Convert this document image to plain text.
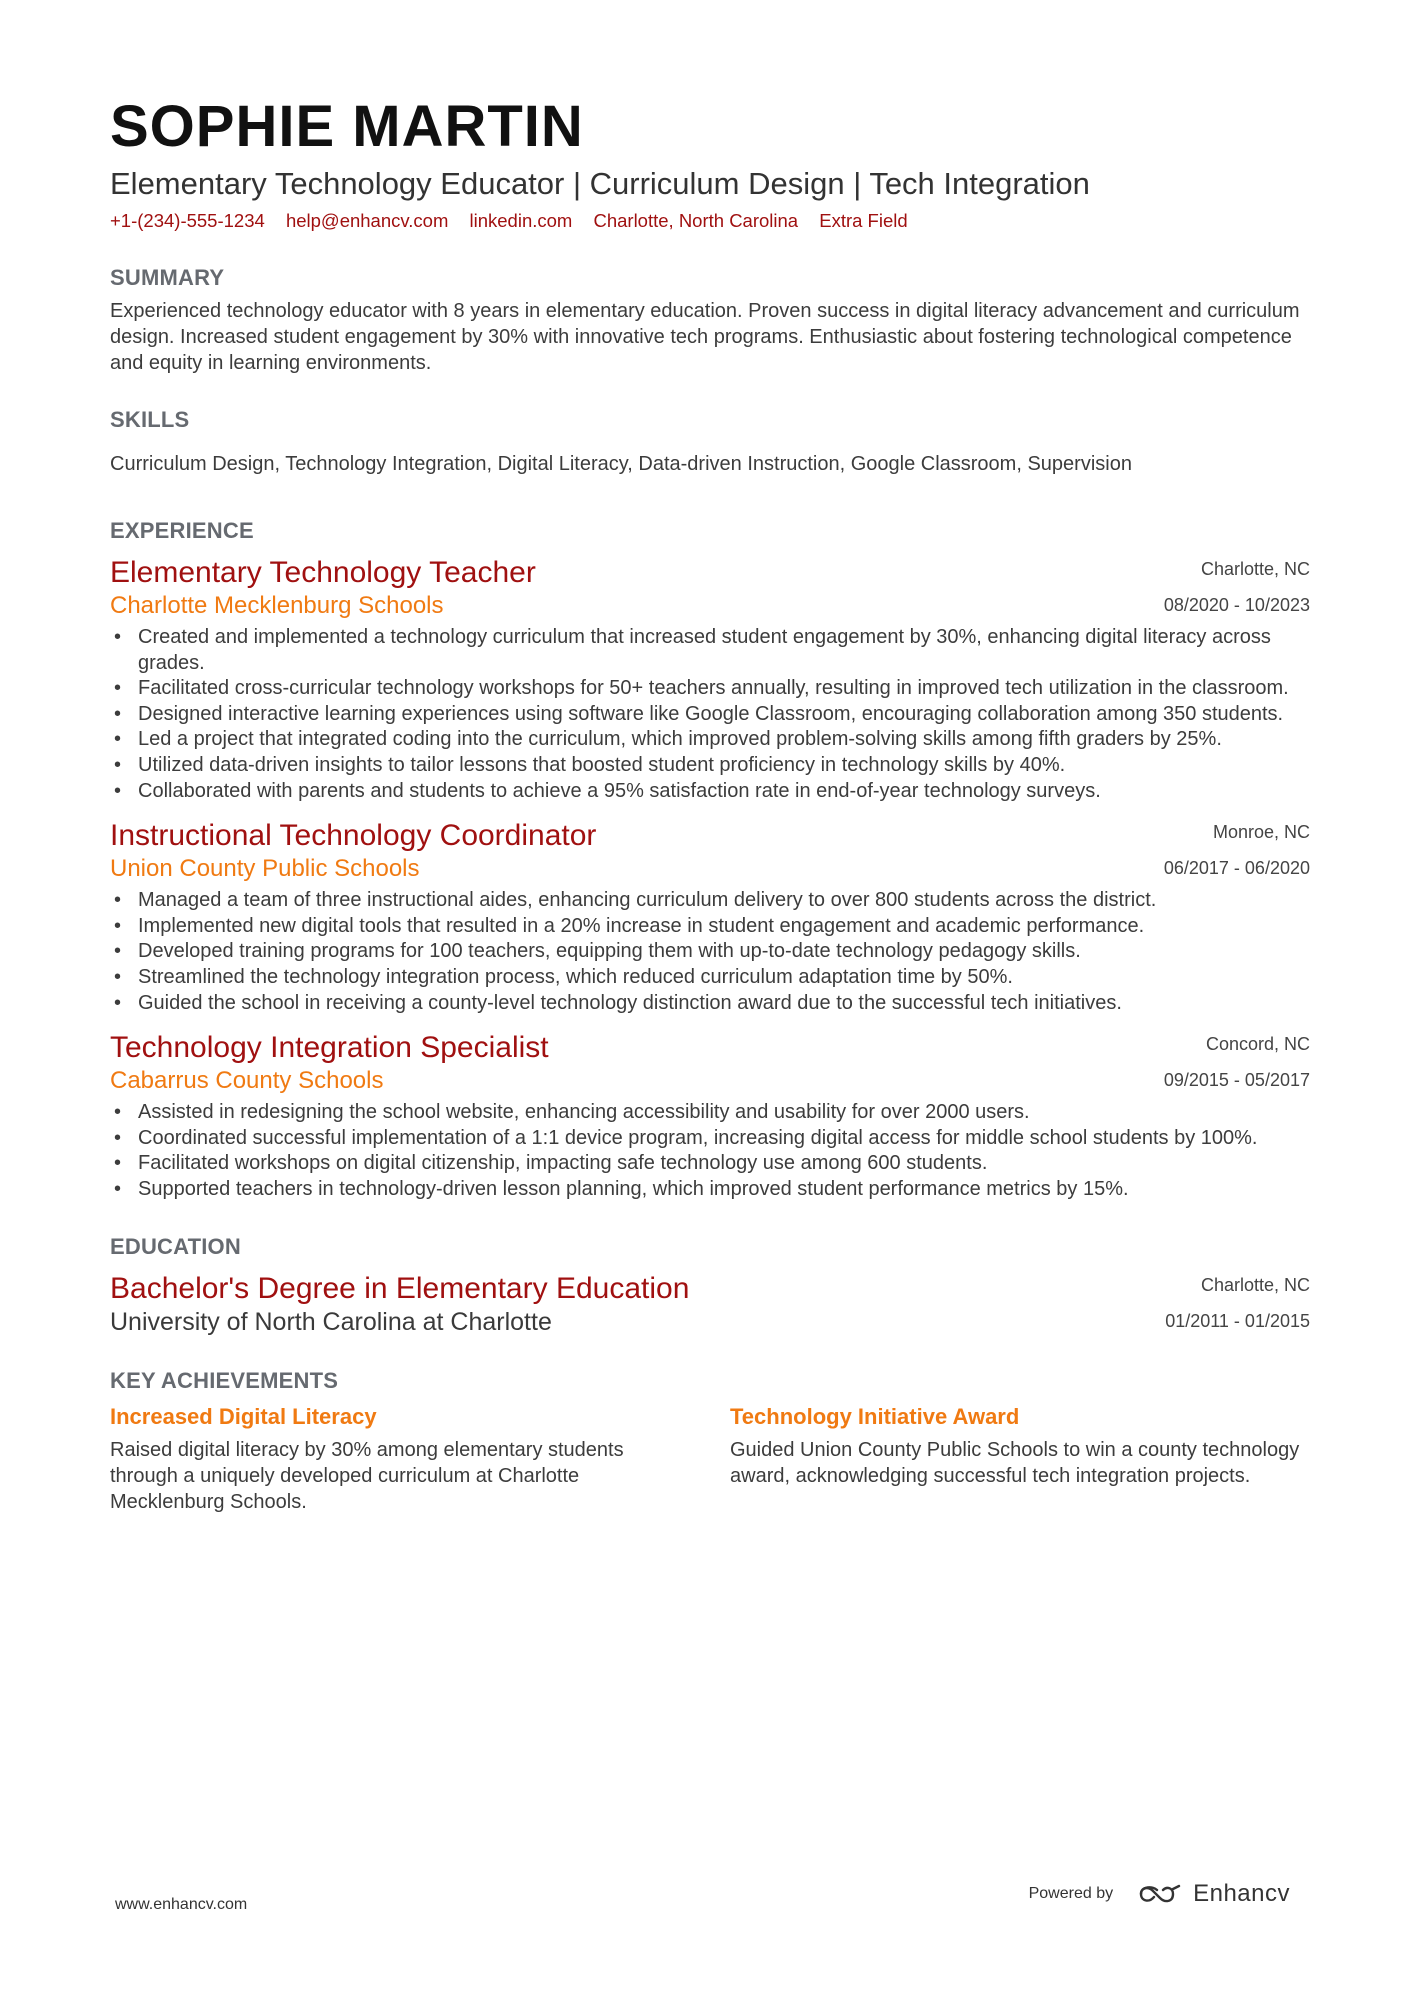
SOPHIE MARTIN
Elementary Technology Educator | Curriculum Design | Tech Integration
+1-(234)-555-1234 help@enhancv.com linkedin.com Charlotte, North Carolina Extra Field
SUMMARY
Experienced technology educator with 8 years in elementary education. Proven success in digital literacy advancement and curriculum design. Increased student engagement by 30% with innovative tech programs. Enthusiastic about fostering technological competence and equity in learning environments.
SKILLS
Curriculum Design, Technology Integration, Digital Literacy, Data-driven Instruction, Google Classroom, Supervision
EXPERIENCE
Elementary Technology Teacher
Charlotte Mecklenburg Schools
Charlotte, NC
08/2020 - 10/2023
• Created and implemented a technology curriculum that increased student engagement by 30%, enhancing digital literacy across grades.
• Facilitated cross-curricular technology workshops for 50+ teachers annually, resulting in improved tech utilization in the classroom.
• Designed interactive learning experiences using software like Google Classroom, encouraging collaboration among 350 students.
• Led a project that integrated coding into the curriculum, which improved problem-solving skills among fifth graders by 25%.
• Utilized data-driven insights to tailor lessons that boosted student proficiency in technology skills by 40%.
• Collaborated with parents and students to achieve a 95% satisfaction rate in end-of-year technology surveys.
Instructional Technology Coordinator
Union County Public Schools
Monroe, NC
06/2017 - 06/2020
• Managed a team of three instructional aides, enhancing curriculum delivery to over 800 students across the district.
• Implemented new digital tools that resulted in a 20% increase in student engagement and academic performance.
• Developed training programs for 100 teachers, equipping them with up-to-date technology pedagogy skills.
• Streamlined the technology integration process, which reduced curriculum adaptation time by 50%.
• Guided the school in receiving a county-level technology distinction award due to the successful tech initiatives.
Technology Integration Specialist
Cabarrus County Schools
Concord, NC
09/2015 - 05/2017
• Assisted in redesigning the school website, enhancing accessibility and usability for over 2000 users.
• Coordinated successful implementation of a 1:1 device program, increasing digital access for middle school students by 100%.
• Facilitated workshops on digital citizenship, impacting safe technology use among 600 students.
• Supported teachers in technology-driven lesson planning, which improved student performance metrics by 15%.
EDUCATION
Bachelor's Degree in Elementary Education
University of North Carolina at Charlotte
Charlotte, NC
01/2011 - 01/2015
KEY ACHIEVEMENTS
Increased Digital Literacy
Raised digital literacy by 30% among elementary students through a uniquely developed curriculum at Charlotte Mecklenburg Schools.
Technology Initiative Award
Guided Union County Public Schools to win a county technology award, acknowledging successful tech integration projects.
www.enhancv.com
Powered by	Enhancv
